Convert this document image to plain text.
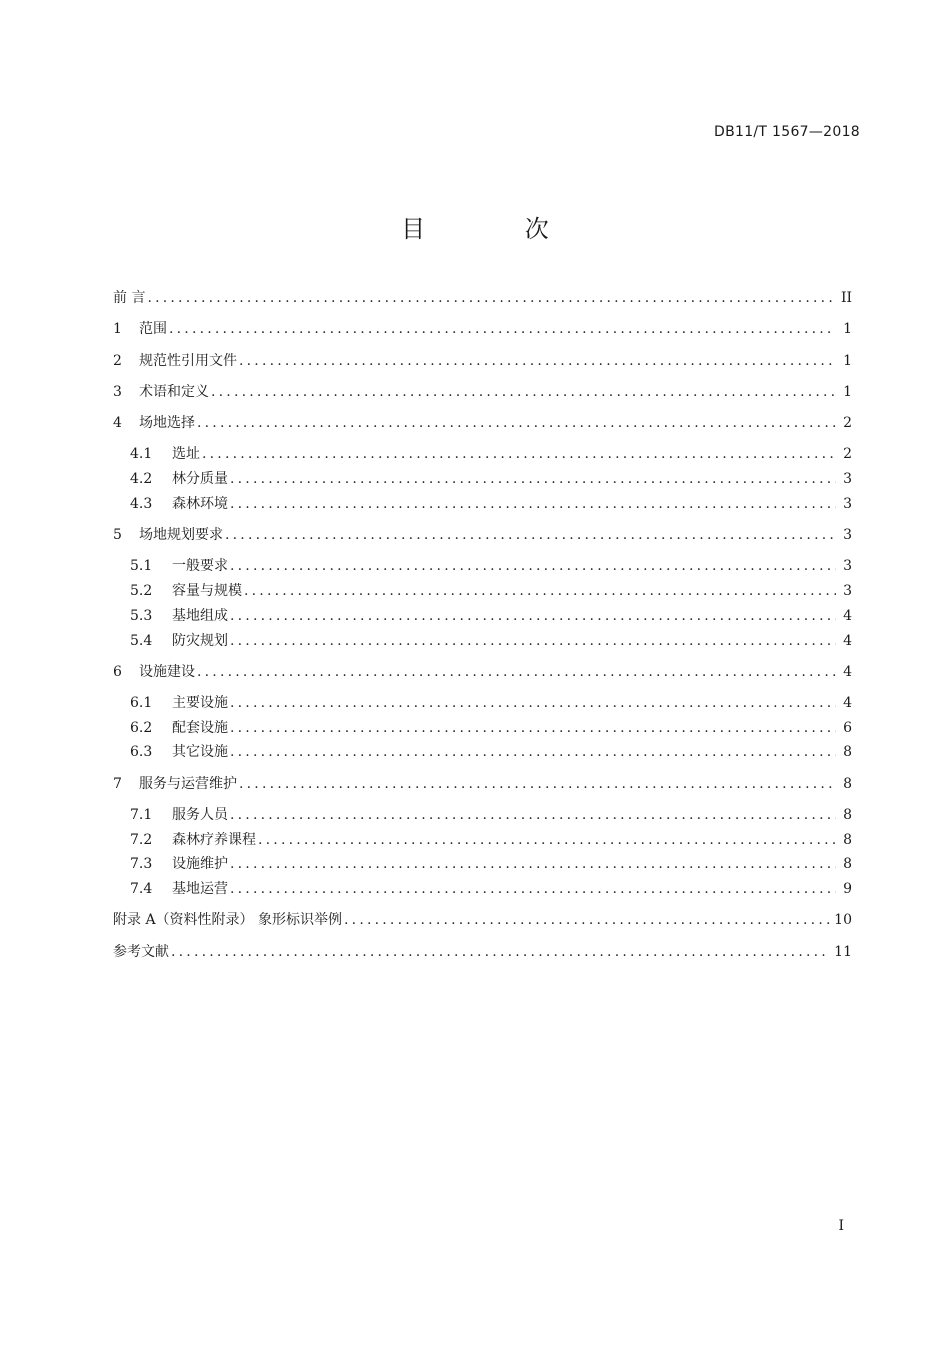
DB11/T 1567—2018
目 次
前 言 .....	II
1	范围 .....	1
2	规范性引用文件 .....	1
3	术语和定义 .....	1
4	场地选择 .....	2
4.1	选址 .....	2
4.2	林分质量 .....	3
4.3	森林环境 .....	3
5	场地规划要求 .....	3
5.1	一般要求 .....	3
5.2	容量与规模 .....	3
5.3	基地组成 .....	4
5.4	防灾规划 .....	4
6	设施建设 .....	4
6.1	主要设施 .....	4
6.2	配套设施 .....	6
6.3	其它设施 .....	8
7	服务与运营维护 .....	8
7.1	服务人员 .....	8
7.2	森林疗养课程 .....	8
7.3	设施维护 .....	8
7.4	基地运营 .....	9
附录 A（资料性附录） 象形标识举例 .....	10
参考文献 .....	11
I
